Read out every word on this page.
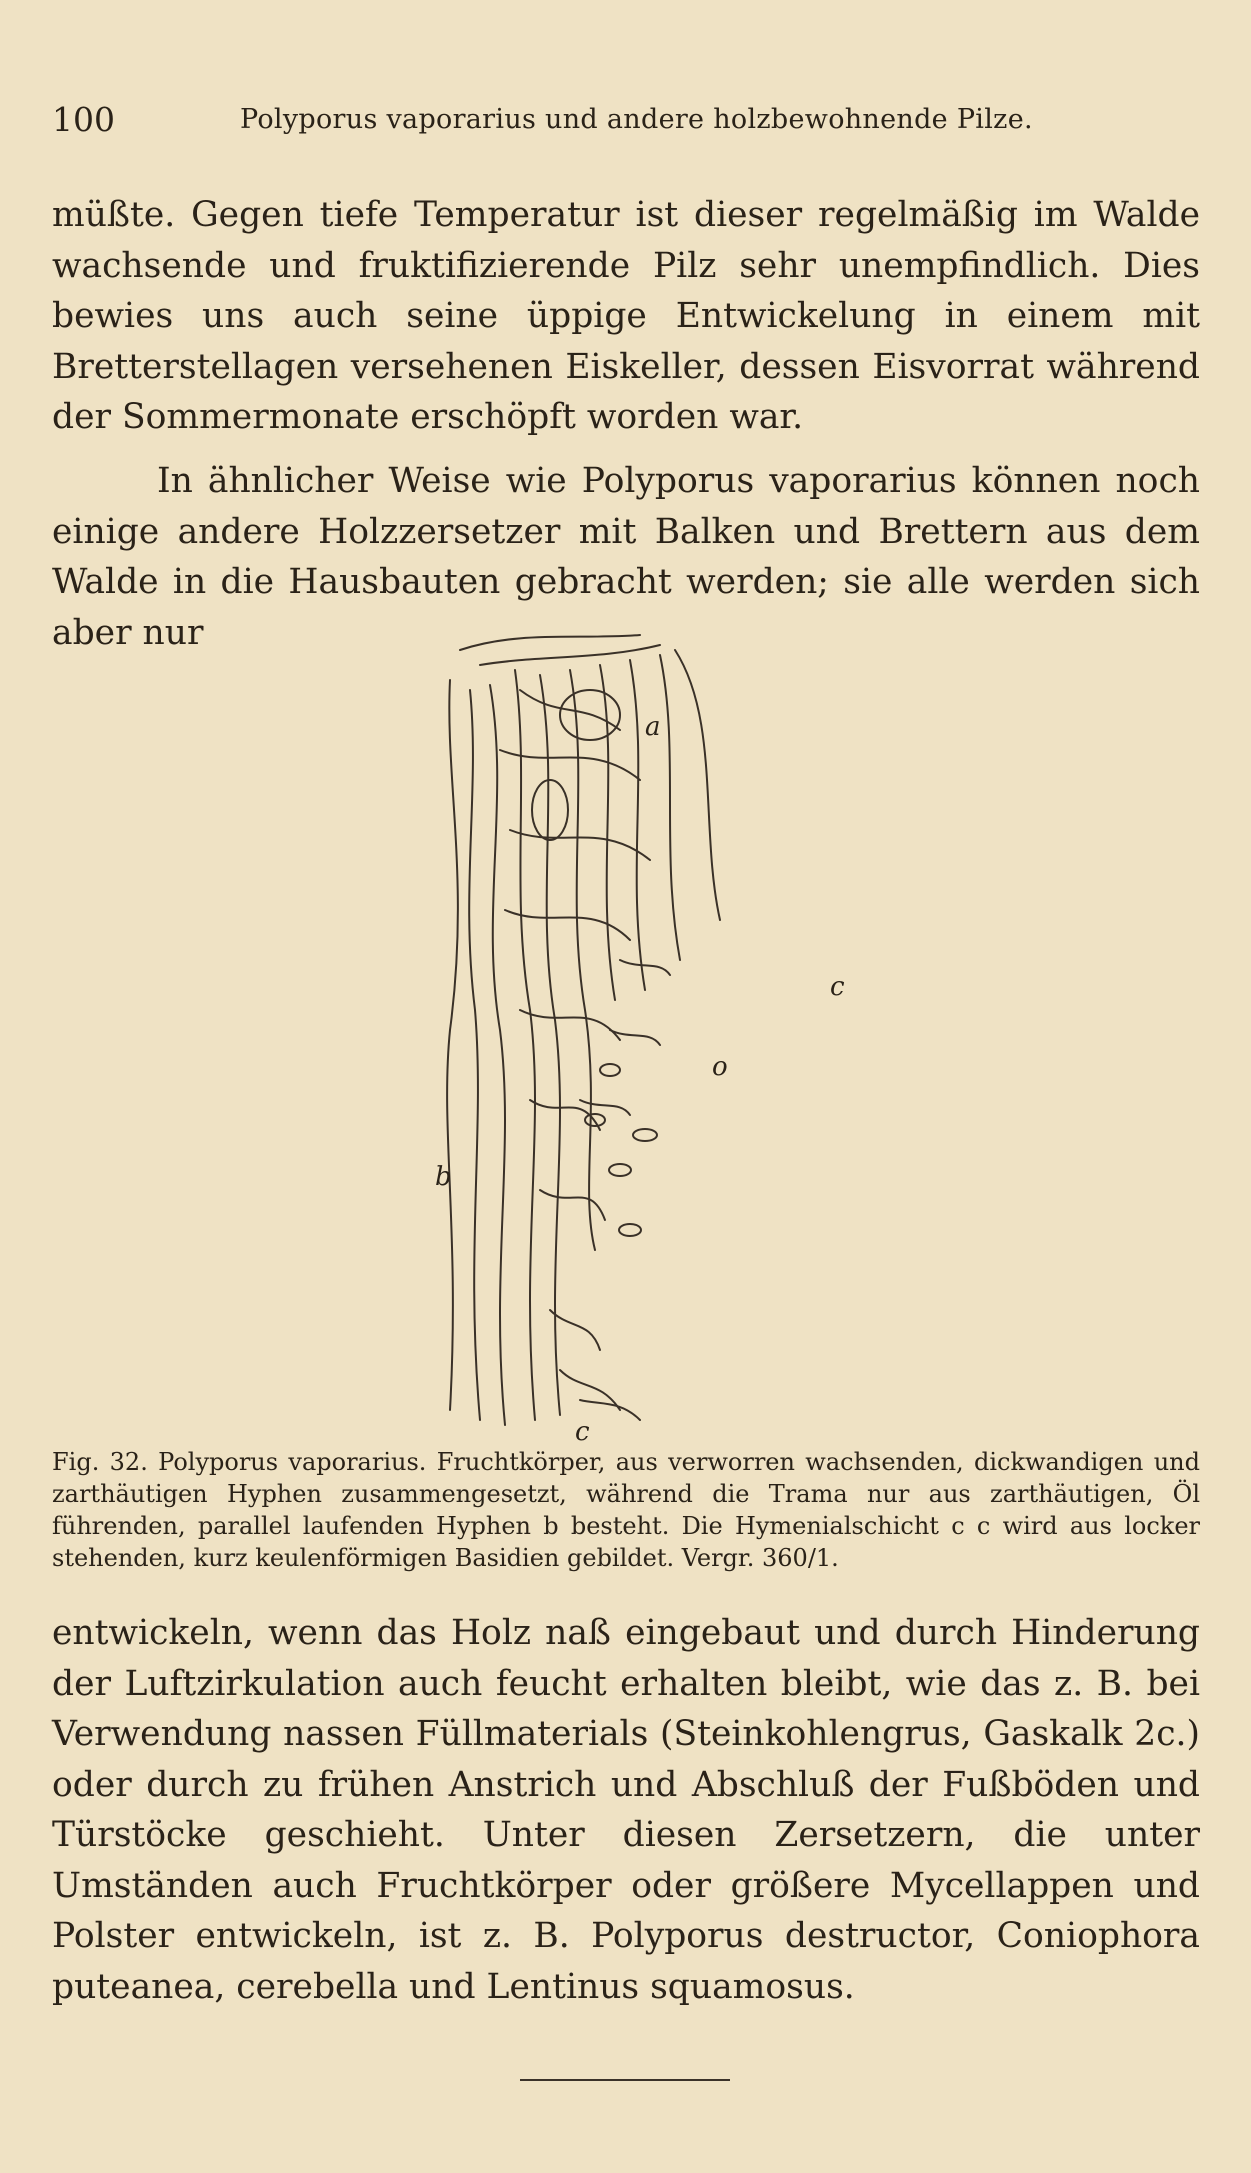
100	Polyporus vaporarius und andere holzbewohnende Pilze.

müßte. Gegen tiefe Temperatur ist dieser regelmäßig im Walde wachsende und fruktifizierende Pilz sehr unempfindlich. Dies bewies uns auch seine üppige Entwickelung in einem mit Bretterstellagen versehenen Eiskeller, dessen Eisvorrat während der Sommermonate erschöpft worden war.

In ähnlicher Weise wie Polyporus vaporarius können noch einige andere Holzzersetzer mit Balken und Brettern aus dem Walde in die Hausbauten gebracht werden; sie alle werden sich aber nur

a
c
o
b
c

Fig. 32. Polyporus vaporarius. Fruchtkörper, aus verworren wachsenden, dickwandigen und zarthäutigen Hyphen zusammengesetzt, während die Trama nur aus zarthäutigen, Öl führenden, parallel laufenden Hyphen b besteht. Die Hymenialschicht c c wird aus locker stehenden, kurz keulenförmigen Basidien gebildet. Vergr. 360/1.

entwickeln, wenn das Holz naß eingebaut und durch Hinderung der Luftzirkulation auch feucht erhalten bleibt, wie das z. B. bei Verwendung nassen Füllmaterials (Steinkohlengrus, Gaskalk 2c.) oder durch zu frühen Anstrich und Abschluß der Fußböden und Türstöcke geschieht. Unter diesen Zersetzern, die unter Umständen auch Fruchtkörper oder größere Mycellappen und Polster entwickeln, ist z. B. Polyporus destructor, Coniophora puteanea, cerebella und Lentinus squamosus.
